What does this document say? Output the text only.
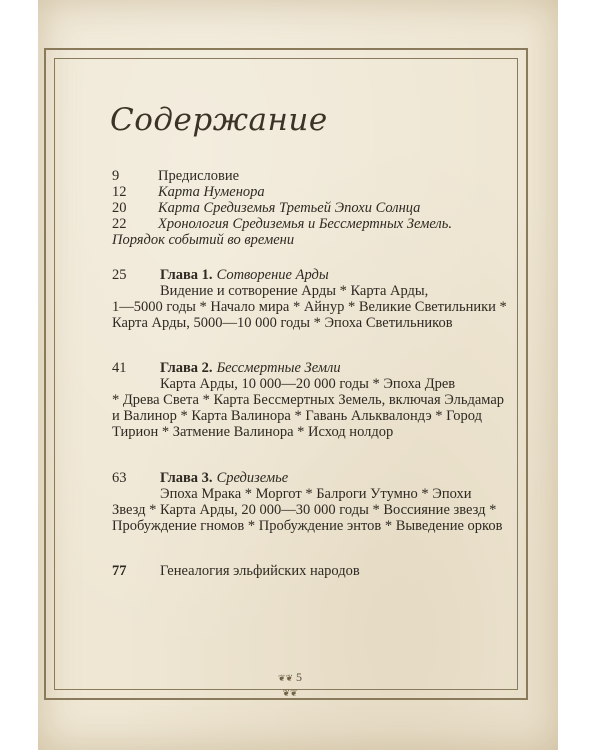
Содержание
9	Предисловие
12	Карта Нуменора
20	Карта Средиземья Третьей Эпохи Солнца
22	Хронология Средиземья и Бессмертных Земель.
Порядок событий во времени
25	Глава 1. Сотворение Арды
Видение и сотворение Арды * Карта Арды,
1—5000 годы * Начало мира * Айнур * Великие Светильники * Карта Арды, 5000—10 000 годы * Эпоха Светильников
41	Глава 2. Бессмертные Земли
Карта Арды, 10 000—20 000 годы * Эпоха Древ
* Древа Света * Карта Бессмертных Земель, включая Эльдамар и Валинор * Карта Валинора * Гавань Альквалондэ * Город Тирион * Затмение Валинора * Исход нолдор
63	Глава 3. Средиземье
Эпоха Мрака * Моргот * Балроги Утумно * Эпохи
Звезд * Карта Арды, 20 000—30 000 годы * Воссияние звезд * Пробуждение гномов * Пробуждение энтов * Выведение орков
77	Генеалогия эльфийских народов
❦❦ 5 ❦❦
